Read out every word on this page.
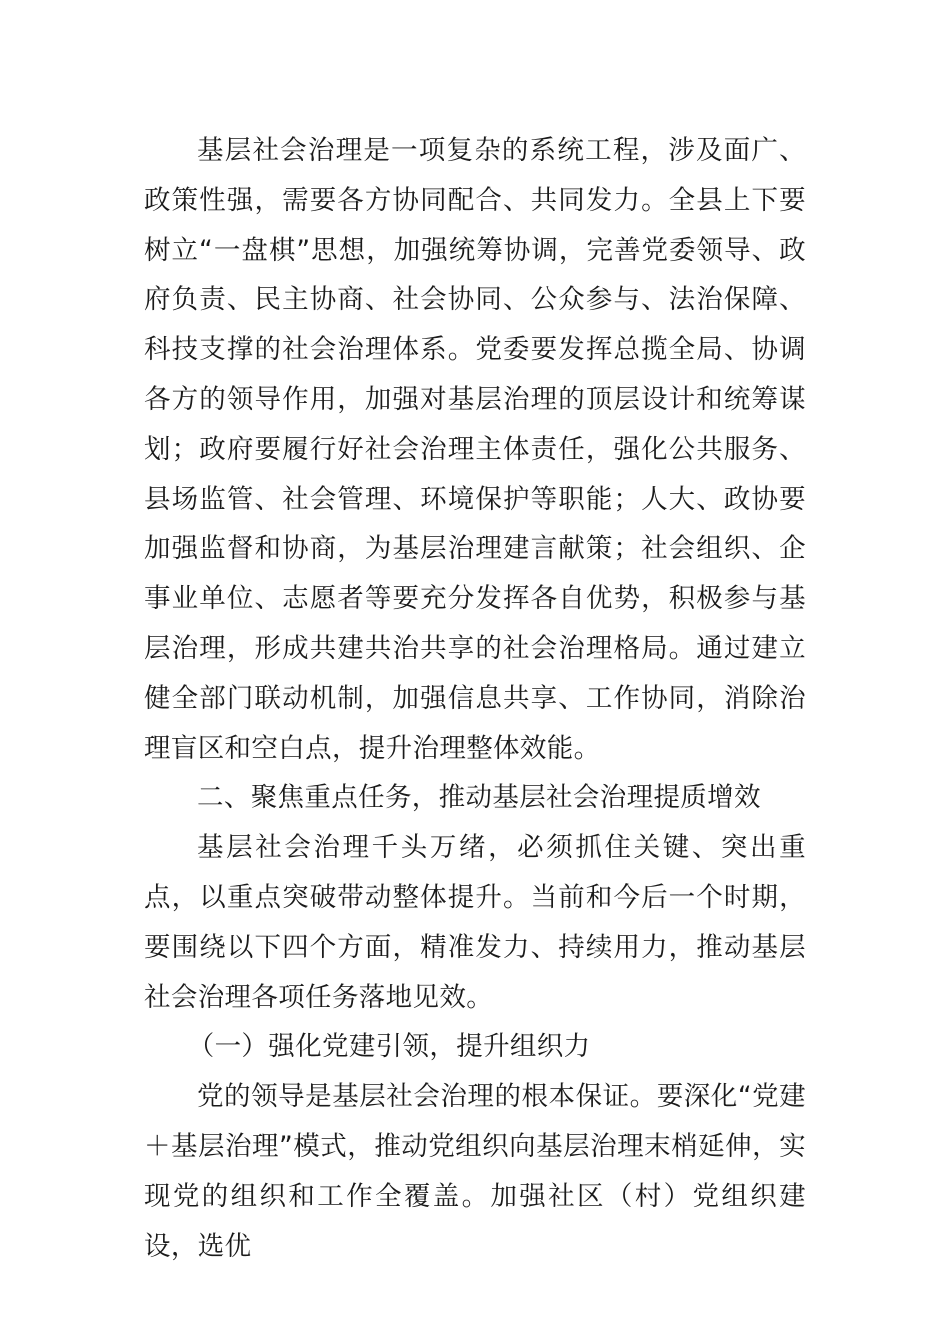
基层社会治理是一项复杂的系统工程，涉及面广、政策性强，需要各方协同配合、共同发力。全县上下要树立“一盘棋”思想，加强统筹协调，完善党委领导、政府负责、民主协商、社会协同、公众参与、法治保障、科技支撑的社会治理体系。党委要发挥总揽全局、协调各方的领导作用，加强对基层治理的顶层设计和统筹谋划；政府要履行好社会治理主体责任，强化公共服务、县场监管、社会管理、环境保护等职能；人大、政协要加强监督和协商，为基层治理建言献策；社会组织、企事业单位、志愿者等要充分发挥各自优势，积极参与基层治理，形成共建共治共享的社会治理格局。通过建立健全部门联动机制，加强信息共享、工作协同，消除治理盲区和空白点，提升治理整体效能。

二、聚焦重点任务，推动基层社会治理提质增效

基层社会治理千头万绪，必须抓住关键、突出重点，以重点突破带动整体提升。当前和今后一个时期，要围绕以下四个方面，精准发力、持续用力，推动基层社会治理各项任务落地见效。

（一）强化党建引领，提升组织力

党的领导是基层社会治理的根本保证。要深化“党建＋基层治理”模式，推动党组织向基层治理末梢延伸，实现党的组织和工作全覆盖。加强社区（村）党组织建设，选优
